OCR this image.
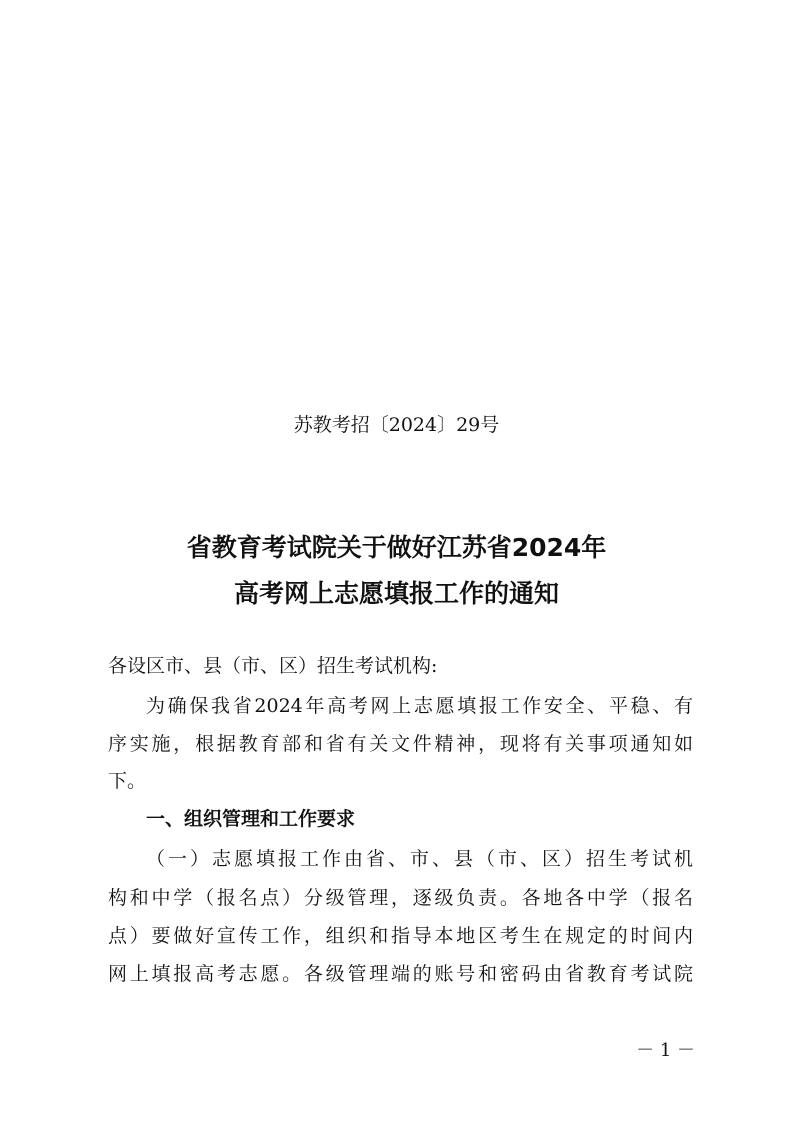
苏教考招〔2024〕29号
省教育考试院关于做好江苏省2024年
高考网上志愿填报工作的通知
各设区市、县（市、区）招生考试机构:
为确保我省2024年高考网上志愿填报工作安全、平稳、有
序实施，根据教育部和省有关文件精神，现将有关事项通知如
下。
一、组织管理和工作要求
（一）志愿填报工作由省、市、县（市、区）招生考试机
构和中学（报名点）分级管理，逐级负责。各地各中学（报名
点）要做好宣传工作，组织和指导本地区考生在规定的时间内
网上填报高考志愿。各级管理端的账号和密码由省教育考试院
－ 1 －
